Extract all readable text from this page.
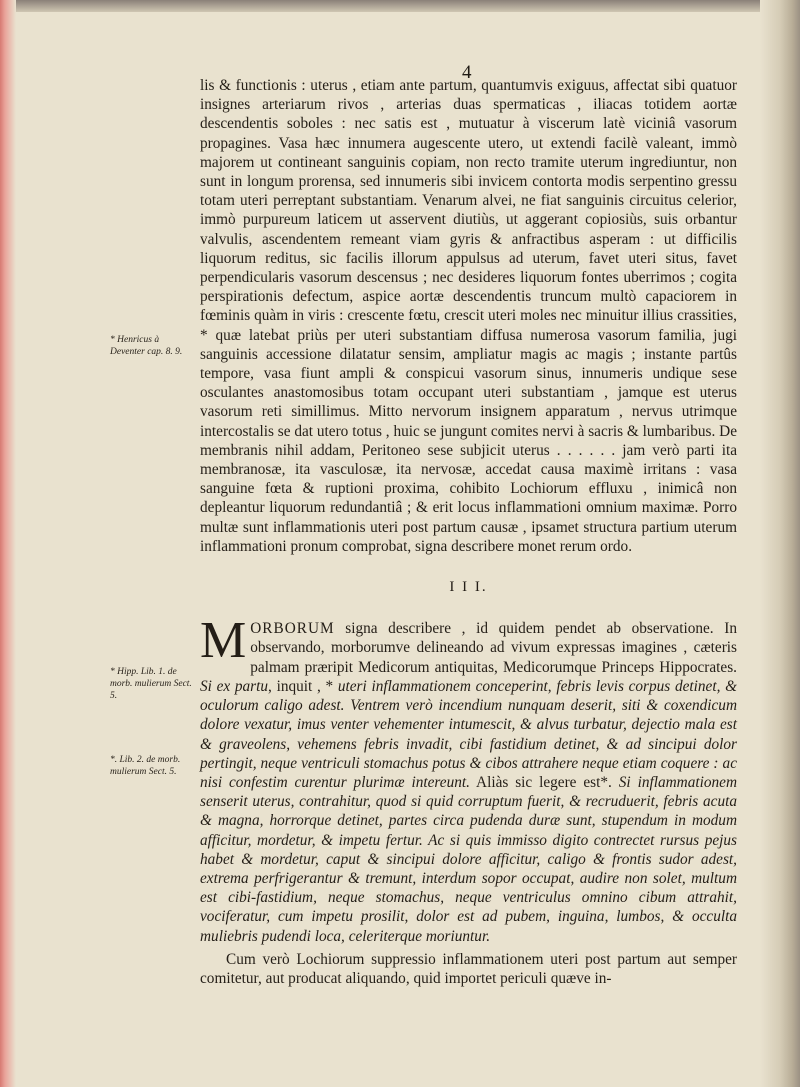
4
* Henricus à Deventer cap. 8. 9.
* Hipp. Lib. 1. de morb. mulierum Sect. 5.
*. Lib. 2. de morb. mulierum Sect. 5.

lis & functionis : uterus , etiam ante partum, quantumvis exiguus, affectat sibi quatuor insignes arteriarum rivos , arterias duas spermaticas , iliacas totidem aortæ descendentis soboles : nec satis est , mutuatur à viscerum latè viciniâ vasorum propagines. Vasa hæc innumera augescente utero, ut extendi facilè valeant, immò majorem ut contineant sanguinis copiam, non recto tramite uterum ingrediuntur, non sunt in longum prorensa, sed innumeris sibi invicem contorta modis serpentino gressu totam uteri perreptant substantiam. Venarum alvei, ne fiat sanguinis circuitus celerior, immò purpureum laticem ut asservent diutiùs, ut aggerant copiosiùs, suis orbantur valvulis, ascendentem remeant viam gyris & anfractibus asperam : ut difficilis liquorum reditus, sic facilis illorum appulsus ad uterum, favet uteri situs, favet perpendicularis vasorum descensus ; nec desideres liquorum fontes uberrimos ; cogita perspirationis defectum, aspice aortæ descendentis truncum multò capaciorem in fœminis quàm in viris : crescente fœtu, crescit uteri moles nec minuitur illius crassities, * quæ latebat priùs per uteri substantiam diffusa numerosa vasorum familia, jugi sanguinis accessione dilatatur sensim, ampliatur magis ac magis ; instante partûs tempore, vasa fiunt ampli & conspicui vasorum sinus, innumeris undique sese osculantes anastomosibus totam occupant uteri substantiam , jamque est uterus vasorum reti simillimus. Mitto nervorum insignem apparatum , nervus utrimque intercostalis se dat utero totus , huic se jungunt comites nervi à sacris & lumbaribus. De membranis nihil addam, Peritoneo sese subjicit uterus . . . . . . jam verò parti ita membranosæ, ita vasculosæ, ita nervosæ, accedat causa maximè irritans : vasa sanguine fœta & ruptioni proxima, cohibito Lochiorum effluxu , inimicâ non depleantur liquorum redundantiâ ; & erit locus inflammationi omnium maximæ. Porro multæ sunt inflammationis uteri post partum causæ , ipsamet structura partium uterum inflammationi pronum comprobat, signa describere monet rerum ordo.

I I I.

MORBORUM signa describere , id quidem pendet ab observatione. In observando, morborumve delineando ad vivum expressas imagines , cæteris palmam præripit Medicorum antiquitas, Medicorumque Princeps Hippocrates. Si ex partu, inquit , * uteri inflammationem conceperint, febris levis corpus detinet, & oculorum caligo adest. Ventrem verò incendium nunquam deserit, siti & coxendicum dolore vexatur, imus venter vehementer intumescit, & alvus turbatur, dejectio mala est & graveolens, vehemens febris invadit, cibi fastidium detinet, & ad sincipui dolor pertingit, neque ventriculi stomachus potus & cibos attrahere neque etiam coquere : ac nisi confestim curentur plurimæ intereunt. Aliàs sic legere est*. Si inflammationem senserit uterus, contrahitur, quod si quid corruptum fuerit, & recruduerit, febris acuta & magna, horrorque detinet, partes circa pudenda duræ sunt, stupendum in modum afficitur, mordetur, & impetu fertur. Ac si quis immisso digito contrectet rursus pejus habet & mordetur, caput & sincipui dolore afficitur, caligo & frontis sudor adest, extrema perfrigerantur & tremunt, interdum sopor occupat, audire non solet, multum est cibi-fastidium, neque stomachus, neque ventriculus omnino cibum attrahit, vociferatur, cum impetu prosilit, dolor est ad pubem, inguina, lumbos, & occulta muliebris pudendi loca, celeriterque moriuntur.

Cum verò Lochiorum suppressio inflammationem uteri post partum aut semper comitetur, aut producat aliquando, quid importet periculi quæve in-
